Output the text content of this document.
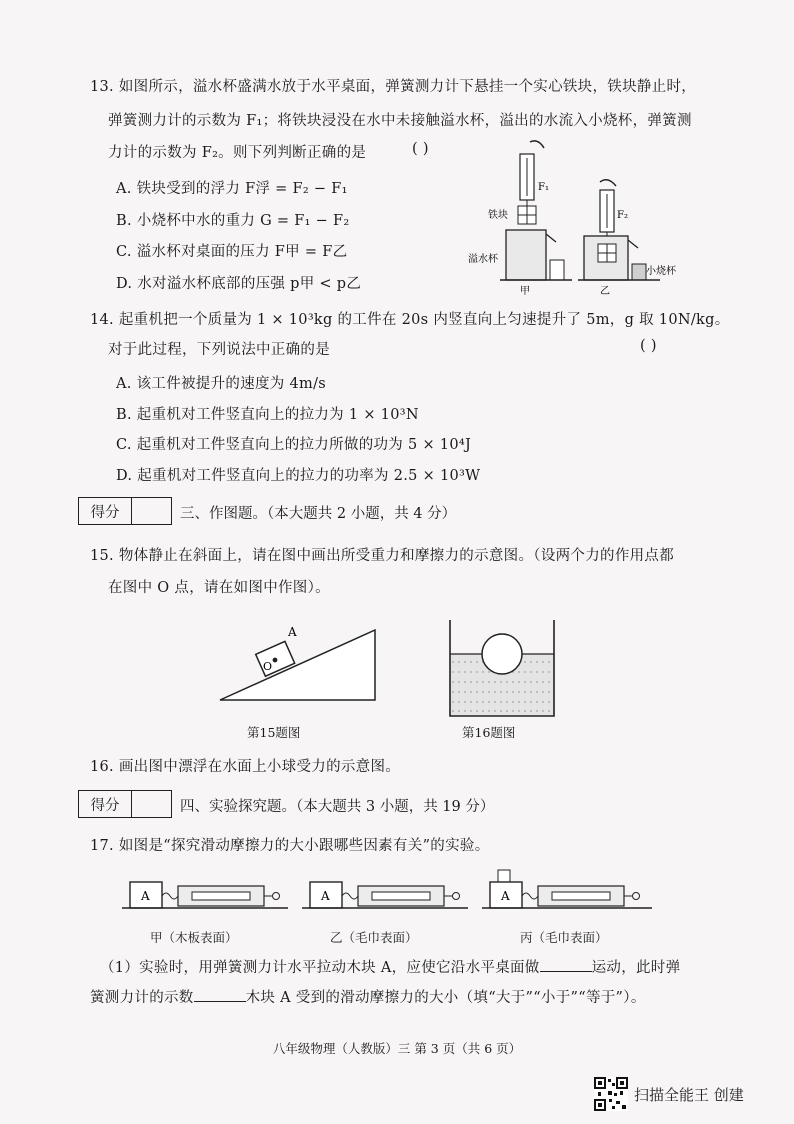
13. 如图所示，溢水杯盛满水放于水平桌面，弹簧测力计下悬挂一个实心铁块，铁块静止时，
弹簧测力计的示数为 F₁；将铁块浸没在水中未接触溢水杯，溢出的水流入小烧杯，弹簧测
力计的示数为 F₂。则下列判断正确的是	( )
A. 铁块受到的浮力 F浮 = F₂ − F₁
B. 小烧杯中水的重力 G = F₁ − F₂
C. 溢水杯对桌面的压力 F甲 = F乙
D. 水对溢水杯底部的压强 p甲 < p乙
F₁
F₂
铁块
溢水杯
小烧杯
甲	乙
14. 起重机把一个质量为 1 × 10³kg 的工件在 20s 内竖直向上匀速提升了 5m，g 取 10N/kg。
对于此过程，下列说法中正确的是	( )
A. 该工件被提升的速度为 4m/s
B. 起重机对工件竖直向上的拉力为 1 × 10³N
C. 起重机对工件竖直向上的拉力所做的功为 5 × 10⁴J
D. 起重机对工件竖直向上的拉力的功率为 2.5 × 10³W
得分	三、作图题。（本大题共 2 小题，共 4 分）
15. 物体静止在斜面上，请在图中画出所受重力和摩擦力的示意图。（设两个力的作用点都
在图中 O 点，请在如图中作图）。
A
O
第15题图	第16题图
16. 画出图中漂浮在水面上小球受力的示意图。
得分	四、实验探究题。（本大题共 3 小题，共 19 分）
17. 如图是“探究滑动摩擦力的大小跟哪些因素有关”的实验。
A	A	A
甲（木板表面）	乙（毛巾表面）	丙（毛巾表面）
（1）实验时，用弹簧测力计水平拉动木块 A，应使它沿水平桌面做	运动，此时弹
簧测力计的示数	木块 A 受到的滑动摩擦力的大小（填“大于”“小于”“等于”）。
八年级物理（人教版）三 第 3 页（共 6 页）
扫描全能王 创建
